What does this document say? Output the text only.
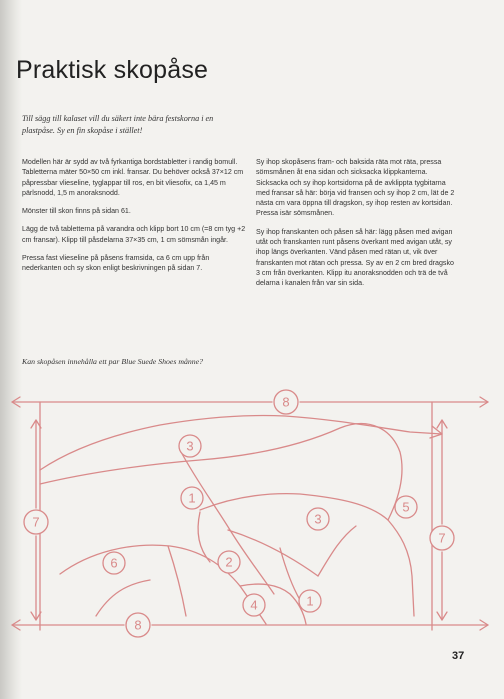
Praktisk skopåse
Till sägg till kalaset vill du säkert inte bära festskorna i en plastpåse. Sy en fin skopåse i stället!

Modellen här är sydd av två fyrkantiga bordstabletter i randig bomull. Tabletterna mäter 50×50 cm inkl. fransar. Du behöver också 37×12 cm påpressbar vlieseline, tyglappar till ros, en bit vliesofix, ca 1,45 m pärlsnodd, 1,5 m anoraksnodd.

Mönster till skon finns på sidan 61.

Lägg de två tabletterna på varandra och klipp bort 10 cm (=8 cm tyg +2 cm fransar). Klipp till påsdelarna 37×35 cm, 1 cm sömsmån ingår.

Pressa fast vlieseline på påsens framsida, ca 6 cm upp från nederkanten och sy skon enligt beskrivningen på sidan 7.

Sy ihop skopåsens fram- och baksida räta mot räta, pressa sömsmånen åt ena sidan och sicksacka klippkanterna. Sicksacka och sy ihop kortsidorna på de avklippta tygbitarna med fransar så här: börja vid fransen och sy ihop 2 cm, lät de 2 nästa cm vara öppna till dragskon, sy ihop resten av kortsidan. Pressa isär sömsmånen.

Sy ihop franskanten och påsen så här: lägg påsen med avigan utåt och franskanten runt påsens överkant med avigan utåt, sy ihop längs överkanten. Vänd påsen med rätan ut, vik över franskanten mot rätan och pressa. Sy av en 2 cm bred dragsko 3 cm från överkanten. Klipp itu anoraksnodden och trä de två delarna i kanalen från var sin sida.

Kan skopåsen innehålla ett par Blue Suede Shoes månne?
8
8
7
7
3
1
3
5
6	2
4	1
37
